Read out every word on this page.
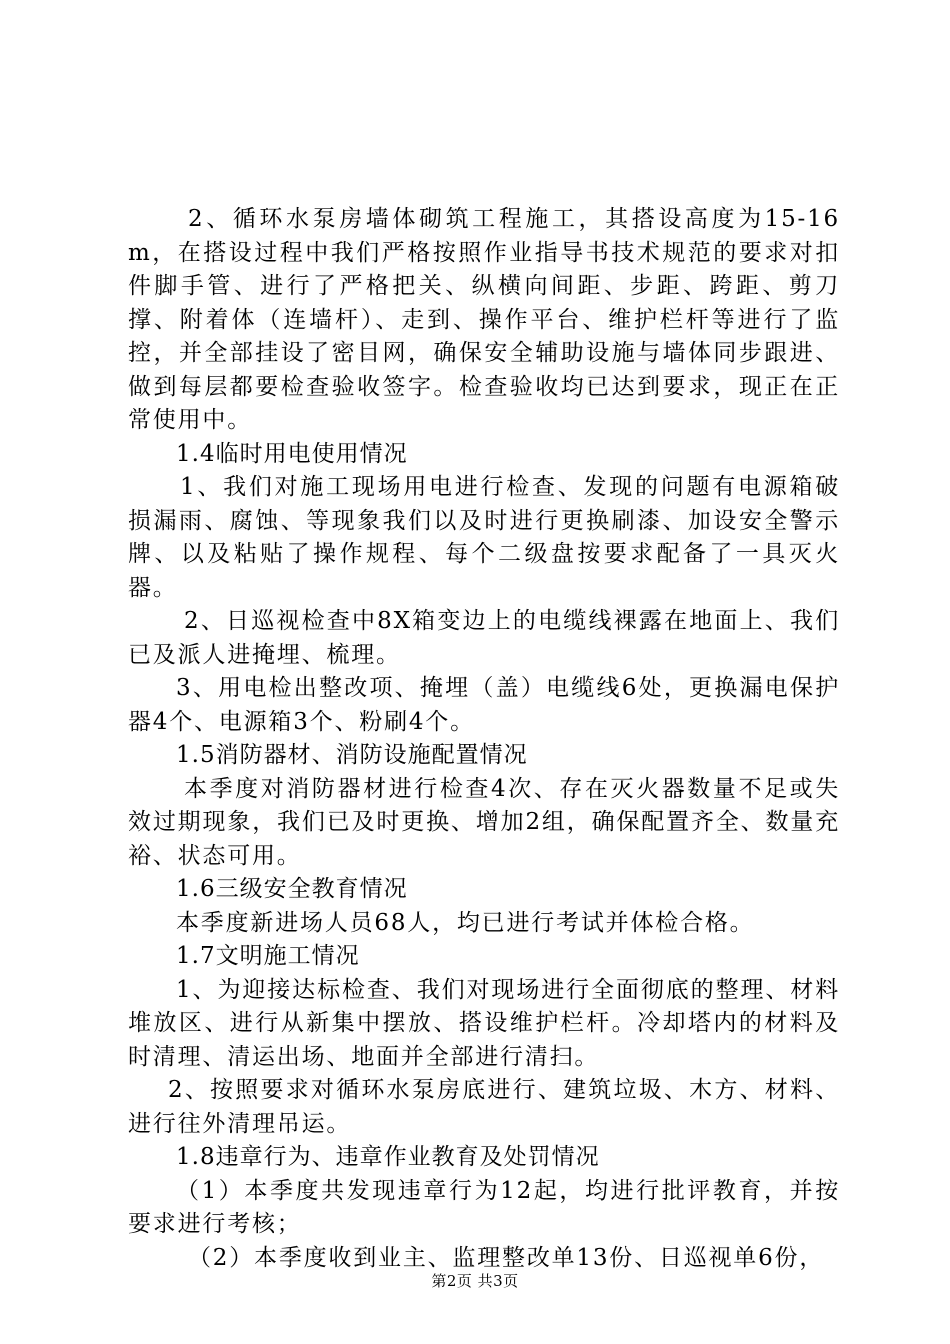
2、循环水泵房墙体砌筑工程施工，其搭设高度为15-16m，在搭设过程中我们严格按照作业指导书技术规范的要求对扣件脚手管、进行了严格把关、纵横向间距、步距、跨距、剪刀撑、附着体（连墙杆）、走到、操作平台、维护栏杆等进行了监控，并全部挂设了密目网，确保安全辅助设施与墙体同步跟进、做到每层都要检查验收签字。检查验收均已达到要求，现正在正常使用中。

1.4临时用电使用情况

1、我们对施工现场用电进行检查、发现的问题有电源箱破损漏雨、腐蚀、等现象我们以及时进行更换刷漆、加设安全警示牌、以及粘贴了操作规程、每个二级盘按要求配备了一具灭火器。

2、日巡视检查中8X箱变边上的电缆线裸露在地面上、我们已及派人进掩埋、梳理。

3、用电检出整改项、掩埋（盖）电缆线6处，更换漏电保护器4个、电源箱3个、粉刷4个。

1.5消防器材、消防设施配置情况

本季度对消防器材进行检查4次、存在灭火器数量不足或失效过期现象，我们已及时更换、增加2组，确保配置齐全、数量充裕、状态可用。

1.6三级安全教育情况

本季度新进场人员68人，均已进行考试并体检合格。

1.7文明施工情况

1、为迎接达标检查、我们对现场进行全面彻底的整理、材料堆放区、进行从新集中摆放、搭设维护栏杆。冷却塔内的材料及时清理、清运出场、地面并全部进行清扫。

2、按照要求对循环水泵房底进行、建筑垃圾、木方、材料、进行往外清理吊运。

1.8违章行为、违章作业教育及处罚情况

（1）本季度共发现违章行为12起，均进行批评教育，并按要求进行考核；

（2）本季度收到业主、监理整改单13份、日巡视单6份，

第2页 共3页
